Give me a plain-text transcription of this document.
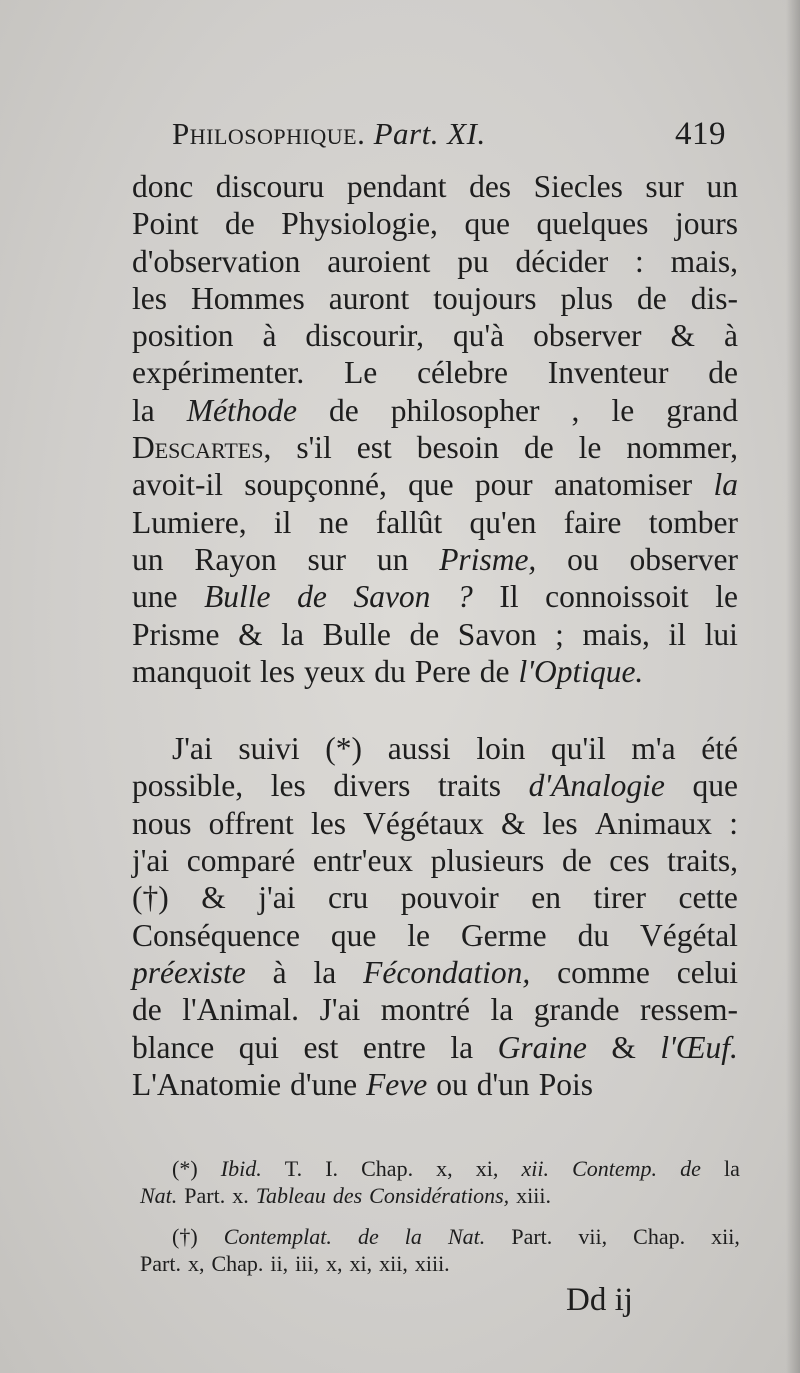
Philosophique. Part. XI.	419
donc discouru pendant des Siecles sur un
Point de Physiologie, que quelques jours
d'observation auroient pu décider : mais,
les Hommes auront toujours plus de dis-
position à discourir, qu'à observer & à
expérimenter. Le célebre Inventeur de
la Méthode de philosopher , le grand
Descartes, s'il est besoin de le nommer,
avoit-il soupçonné, que pour anatomiser la
Lumiere, il ne fallût qu'en faire tomber
un Rayon sur un Prisme, ou observer
une Bulle de Savon ? Il connoissoit le
Prisme & la Bulle de Savon ; mais, il lui
manquoit les yeux du Pere de l'Optique.
J'ai suivi (*) aussi loin qu'il m'a été
possible, les divers traits d'Analogie que
nous offrent les Végétaux & les Animaux :
j'ai comparé entr'eux plusieurs de ces traits,
(†) & j'ai cru pouvoir en tirer cette
Conséquence que le Germe du Végétal
préexiste à la Fécondation, comme celui
de l'Animal. J'ai montré la grande ressem-
blance qui est entre la Graine & l'Œuf.
L'Anatomie d'une Feve ou d'un Pois
(*) Ibid. T. I. Chap. x, xi, xii. Contemp. de la
Nat. Part. x. Tableau des Considérations, xiii.
(†) Contemplat. de la Nat. Part. vii, Chap. xii,
Part. x, Chap. ii, iii, x, xi, xii, xiii.
Dd ij
